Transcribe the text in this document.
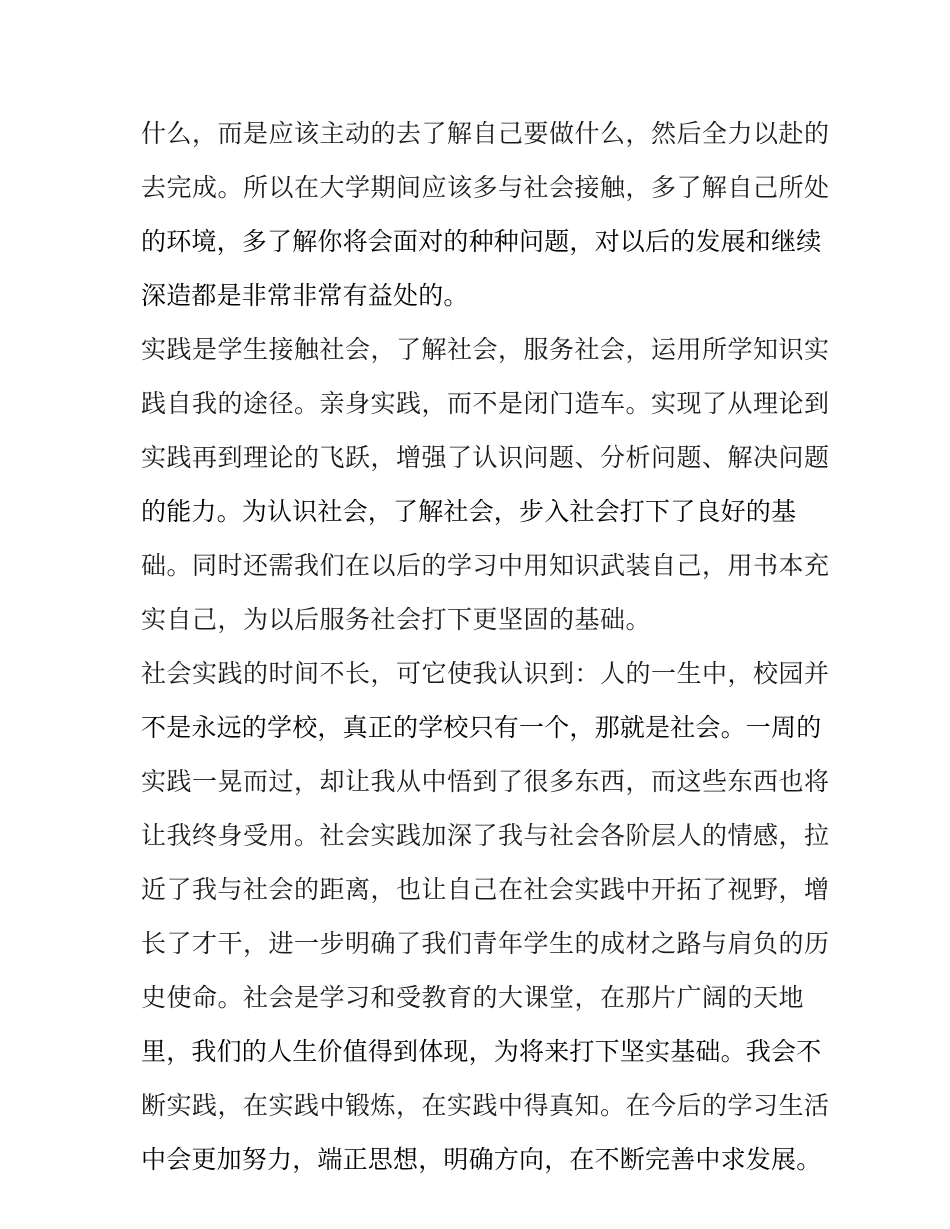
什么，而是应该主动的去了解自己要做什么，然后全力以赴的
去完成。所以在大学期间应该多与社会接触，多了解自己所处
的环境，多了解你将会面对的种种问题，对以后的发展和继续
深造都是非常非常有益处的。
实践是学生接触社会，了解社会，服务社会，运用所学知识实
践自我的途径。亲身实践，而不是闭门造车。实现了从理论到
实践再到理论的飞跃，增强了认识问题、分析问题、解决问题
的能力。为认识社会，了解社会，步入社会打下了良好的基
础。同时还需我们在以后的学习中用知识武装自己，用书本充
实自己，为以后服务社会打下更坚固的基础。
社会实践的时间不长，可它使我认识到：人的一生中，校园并
不是永远的学校，真正的学校只有一个，那就是社会。一周的
实践一晃而过，却让我从中悟到了很多东西，而这些东西也将
让我终身受用。社会实践加深了我与社会各阶层人的情感，拉
近了我与社会的距离，也让自己在社会实践中开拓了视野，增
长了才干，进一步明确了我们青年学生的成材之路与肩负的历
史使命。社会是学习和受教育的大课堂，在那片广阔的天地
里，我们的人生价值得到体现，为将来打下坚实基础。我会不
断实践，在实践中锻炼，在实践中得真知。在今后的学习生活
中会更加努力，端正思想，明确方向，在不断完善中求发展。
